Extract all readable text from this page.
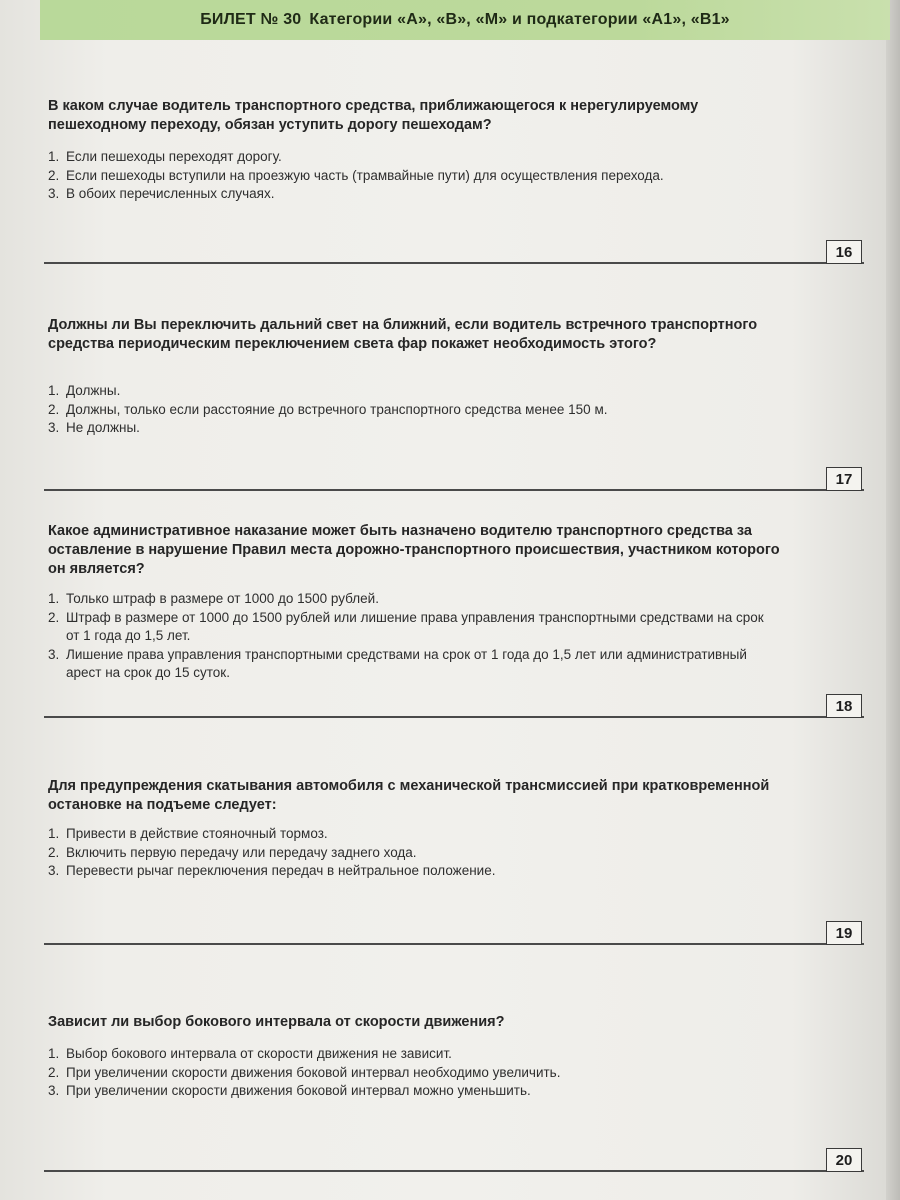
БИЛЕТ № 30 Категории «A», «B», «M» и подкатегории «A1», «B1»
В каком случае водитель транспортного средства, приближающегося к нерегулируемому пешеходному переходу, обязан уступить дорогу пешеходам?
1. Если пешеходы переходят дорогу.
2. Если пешеходы вступили на проезжую часть (трамвайные пути) для осуществления перехода.
3. В обоих перечисленных случаях.
16
Должны ли Вы переключить дальний свет на ближний, если водитель встречного транспортного средства периодическим переключением света фар покажет необходимость этого?
1. Должны.
2. Должны, только если расстояние до встречного транспортного средства менее 150 м.
3. Не должны.
17
Какое административное наказание может быть назначено водителю транспортного средства за оставление в нарушение Правил места дорожно-транспортного происшествия, участником которого он является?
1. Только штраф в размере от 1000 до 1500 рублей.
2. Штраф в размере от 1000 до 1500 рублей или лишение права управления транспортными средствами на срок от 1 года до 1,5 лет.
3. Лишение права управления транспортными средствами на срок от 1 года до 1,5 лет или административный арест на срок до 15 суток.
18
Для предупреждения скатывания автомобиля с механической трансмиссией при кратковременной остановке на подъеме следует:
1. Привести в действие стояночный тормоз.
2. Включить первую передачу или передачу заднего хода.
3. Перевести рычаг переключения передач в нейтральное положение.
19
Зависит ли выбор бокового интервала от скорости движения?
1. Выбор бокового интервала от скорости движения не зависит.
2. При увеличении скорости движения боковой интервал необходимо увеличить.
3. При увеличении скорости движения боковой интервал можно уменьшить.
20
